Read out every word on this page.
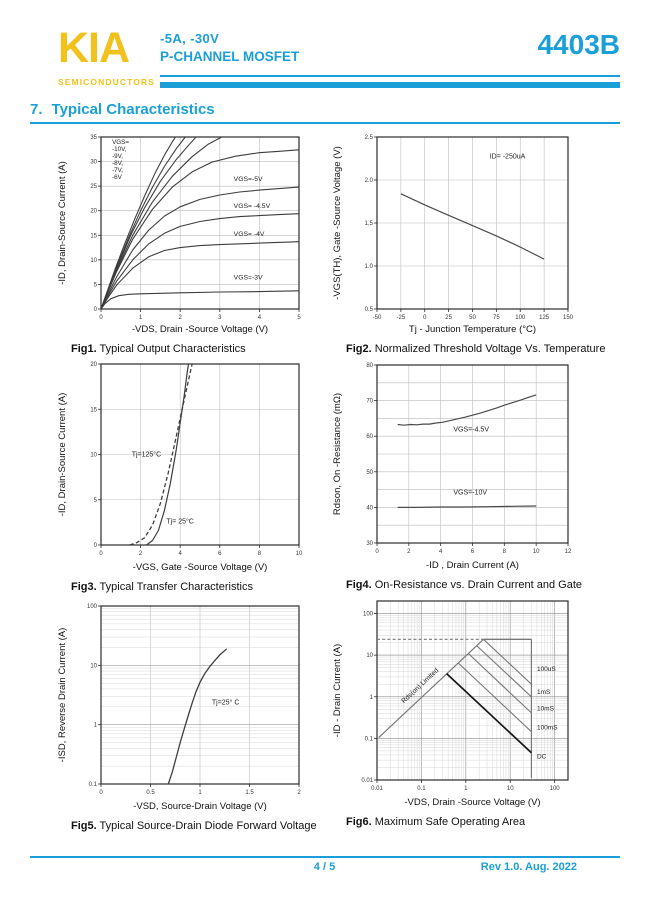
KIA
SEMICONDUCTORS
-5A, -30V
P-CHANNEL MOSFET	4403B
7. Typical Characteristics
0	1	2	3	4	5
0
5
10
15
20
25
30
35
VGS= -10V, -9V, -8V, -7V, -6V	VGS=-5V
VGS= -4.5V
VGS= -4V
VGS=-3V
-VDS, Drain -Source Voltage (V)
-ID, Drain-Source Current (A)
Fig1. Typical Output Characteristics
-50	-25	0	25	50	75	100 125 150
0.5
1.0
1.5
2.0
2.5
ID= -250uA
Tj - Junction Temperature (°C)
-VGS(TH), Gate -Source Voltage (V)
Fig2. Normalized Threshold Voltage Vs. Temperature
0	2	4	6	8	10
0
5
10
15
20
Tj=125°C
Tj= 25°C
-VGS, Gate -Source Voltage (V)
-ID, Drain-Source Current (A)
Fig3. Typical Transfer Characteristics
0	2	4	6	8	10	12
30
40
50
60
70
80
VGS=-4.5V
VGS=-10V
-ID , Drain Current (A)
Rdson, On -Resistance (mΩ)
Fig4. On-Resistance vs. Drain Current and Gate
0	0.5	1	1.5	2
0.1
1
10
100
Tj=25° C
-VSD, Source-Drain Voltage (V)
-ISD, Reverse Drain Current (A)
Fig5. Typical Source-Drain Diode Forward Voltage
0.01	0.1	1	10	100
0.01
0.1
1
10
100
Rds(on) Limited	100uS
1mS
10mS
100mS
DC
-VDS, Drain -Source Voltage (V)
-ID - Drain Current (A)
Fig6. Maximum Safe Operating Area
4 / 5	Rev 1.0. Aug. 2022
